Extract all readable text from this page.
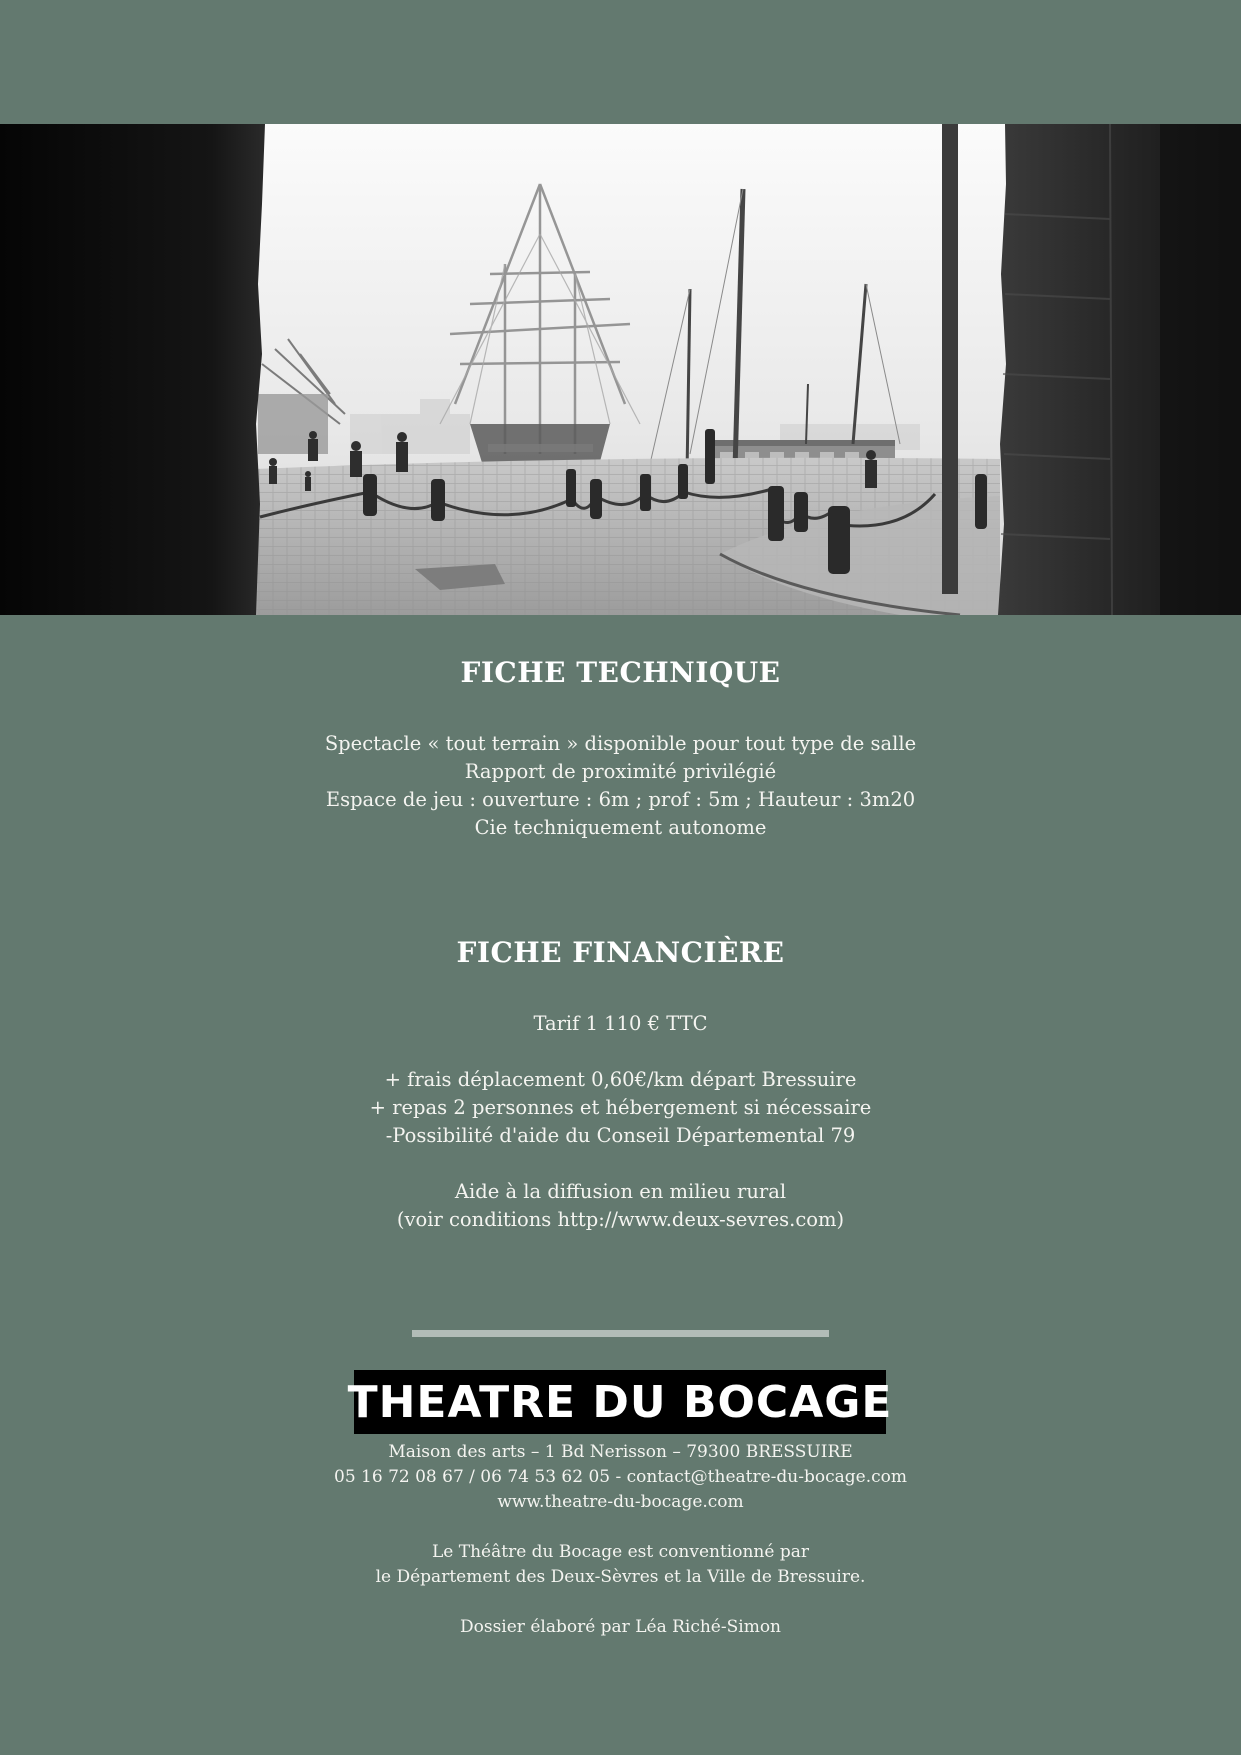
FICHE TECHNIQUE
Spectacle « tout terrain » disponible pour tout type de salle
Rapport de proximité privilégié
Espace de jeu : ouverture : 6m ; prof : 5m ; Hauteur : 3m20
Cie techniquement autonome
FICHE FINANCIÈRE
Tarif 1 110 € TTC
+ frais déplacement 0,60€/km départ Bressuire
+ repas 2 personnes et hébergement si nécessaire
-Possibilité d'aide du Conseil Départemental 79
Aide à la diffusion en milieu rural
(voir conditions http://www.deux-sevres.com)
THEATRE DU BOCAGE
Maison des arts – 1 Bd Nerisson – 79300 BRESSUIRE
05 16 72 08 67 / 06 74 53 62 05 - contact@theatre-du-bocage.com
www.theatre-du-bocage.com
Le Théâtre du Bocage est conventionné par
le Département des Deux-Sèvres et la Ville de Bressuire.
Dossier élaboré par Léa Riché-Simon
